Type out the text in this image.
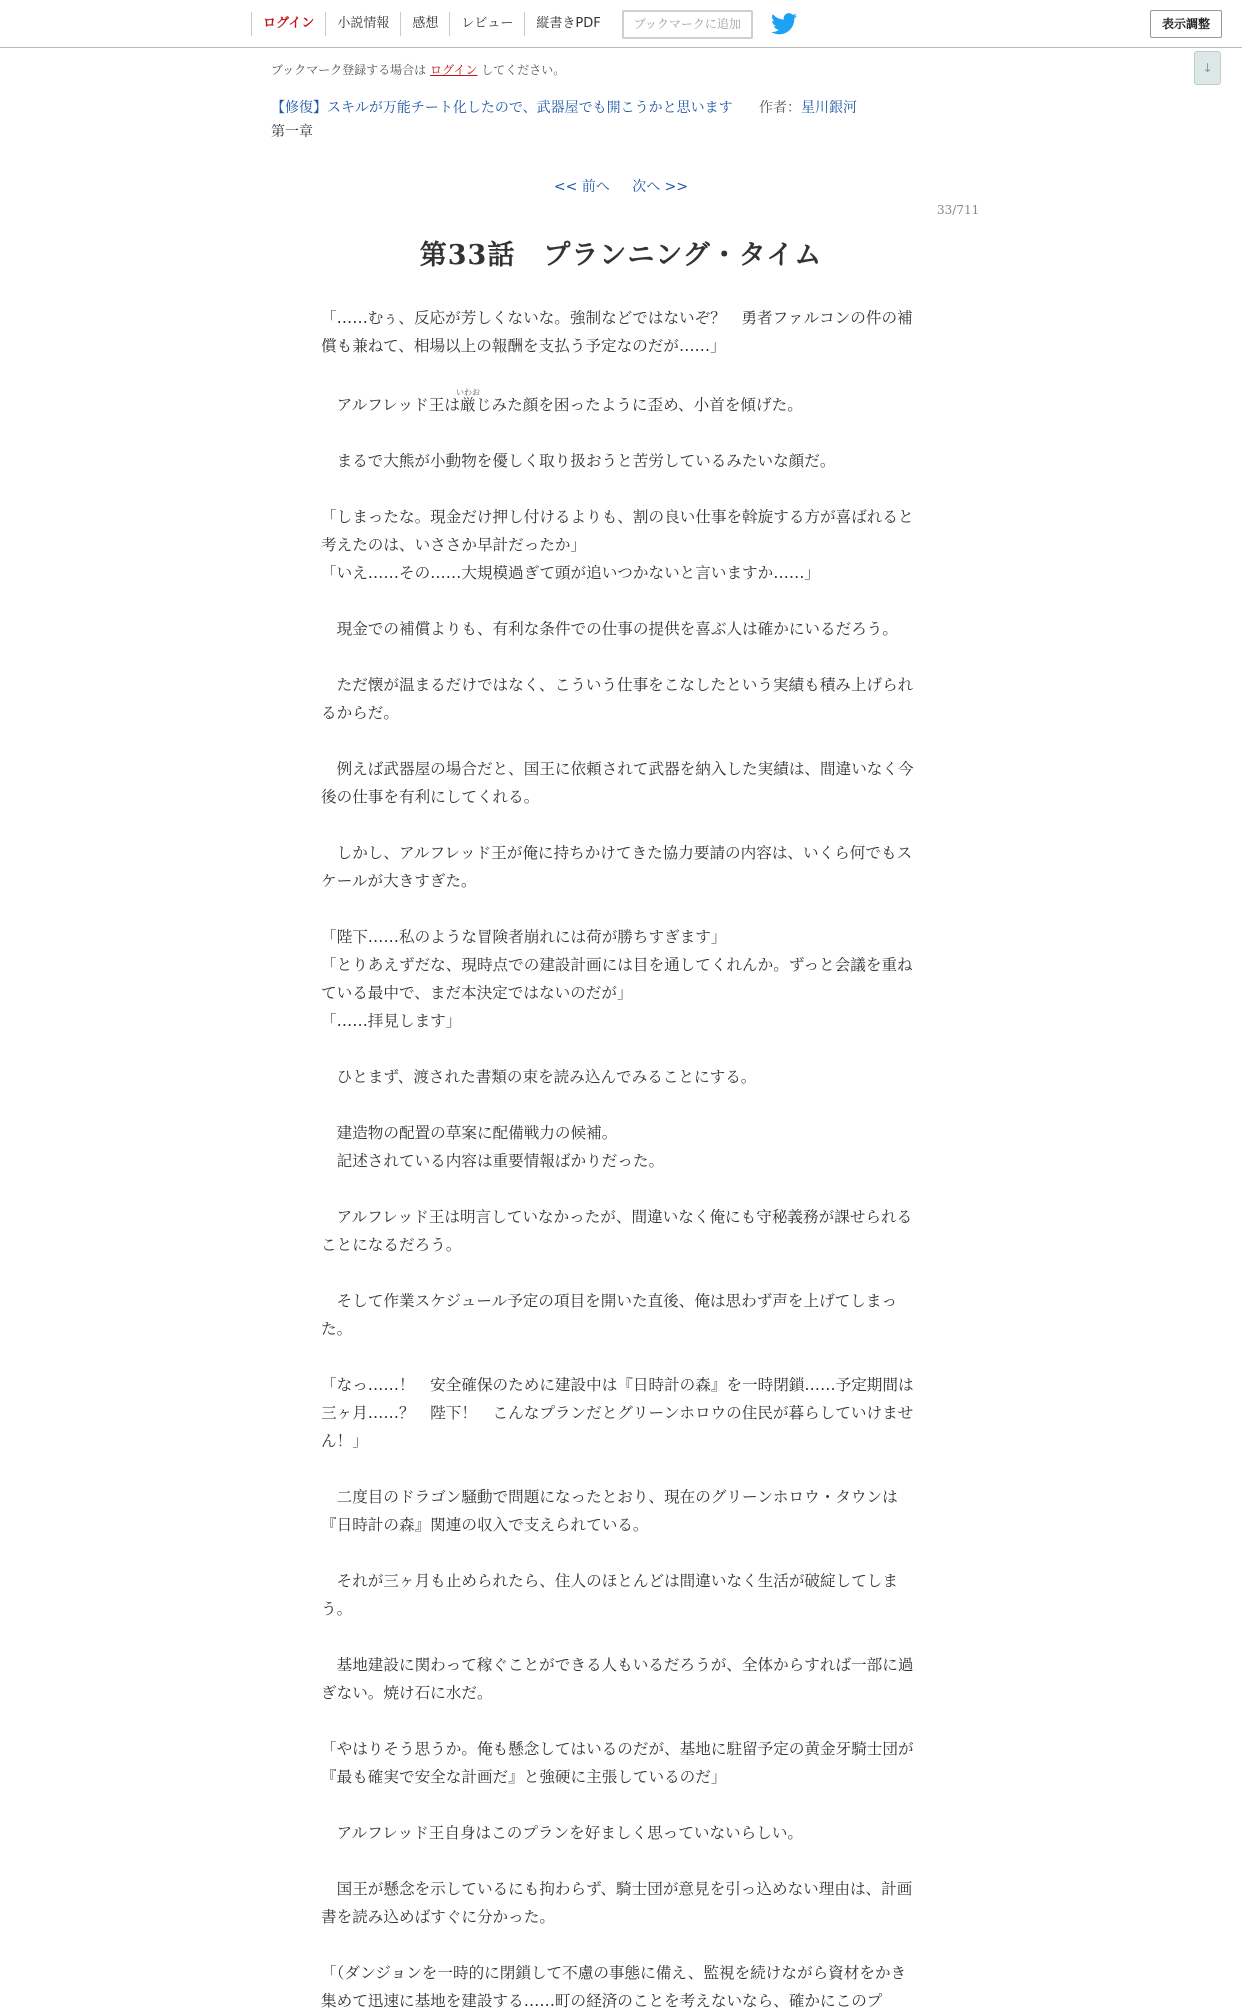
ログイン	小説情報	感想	レビュー	縦書きPDF	ブックマークに追加	表示調整
↓
ブックマーク登録する場合は ログイン してください。
【修復】スキルが万能チート化したので、武器屋でも開こうかと思います 作者：星川銀河
第一章
<< 前へ 次へ >>
33/711
第33話　プランニング・タイム

「……むぅ、反応が芳しくないな。強制などではないぞ？　勇者ファルコンの件の補償も兼ねて、相場以上の報酬を支払う予定なのだが……」

　アルフレッド王は厳いわおじみた顔を困ったように歪め、小首を傾げた。

　まるで大熊が小動物を優しく取り扱おうと苦労しているみたいな顔だ。

「しまったな。現金だけ押し付けるよりも、割の良い仕事を斡旋する方が喜ばれると考えたのは、いささか早計だったか」

「いえ……その……大規模過ぎて頭が追いつかないと言いますか……」

　現金での補償よりも、有利な条件での仕事の提供を喜ぶ人は確かにいるだろう。

　ただ懐が温まるだけではなく、こういう仕事をこなしたという実績も積み上げられるからだ。

　例えば武器屋の場合だと、国王に依頼されて武器を納入した実績は、間違いなく今後の仕事を有利にしてくれる。

　しかし、アルフレッド王が俺に持ちかけてきた協力要請の内容は、いくら何でもスケールが大きすぎた。

「陛下……私のような冒険者崩れには荷が勝ちすぎます」

「とりあえずだな、現時点での建設計画には目を通してくれんか。ずっと会議を重ねている最中で、まだ本決定ではないのだが」

「……拝見します」

　ひとまず、渡された書類の束を読み込んでみることにする。

　建造物の配置の草案に配備戦力の候補。

　記述されている内容は重要情報ばかりだった。

　アルフレッド王は明言していなかったが、間違いなく俺にも守秘義務が課せられることになるだろう。

　そして作業スケジュール予定の項目を開いた直後、俺は思わず声を上げてしまった。

「なっ……！　安全確保のために建設中は『日時計の森』を一時閉鎖……予定期間は三ヶ月……？　陛下！　こんなプランだとグリーンホロウの住民が暮らしていけません！」

　二度目のドラゴン騒動で問題になったとおり、現在のグリーンホロウ・タウンは『日時計の森』関連の収入で支えられている。

　それが三ヶ月も止められたら、住人のほとんどは間違いなく生活が破綻してしまう。

　基地建設に関わって稼ぐことができる人もいるだろうが、全体からすれば一部に過ぎない。焼け石に水だ。

「やはりそう思うか。俺も懸念してはいるのだが、基地に駐留予定の黄金牙騎士団が『最も確実で安全な計画だ』と強硬に主張しているのだ」

　アルフレッド王自身はこのプランを好ましく思っていないらしい。

　国王が懸念を示しているにも拘わらず、騎士団が意見を引っ込めない理由は、計画書を読み込めばすぐに分かった。

「（ダンジョンを一時的に閉鎖して不慮の事態に備え、監視を続けながら資材をかき集めて迅速に基地を建設する……町の経済のことを考えないなら、確かにこのプ
